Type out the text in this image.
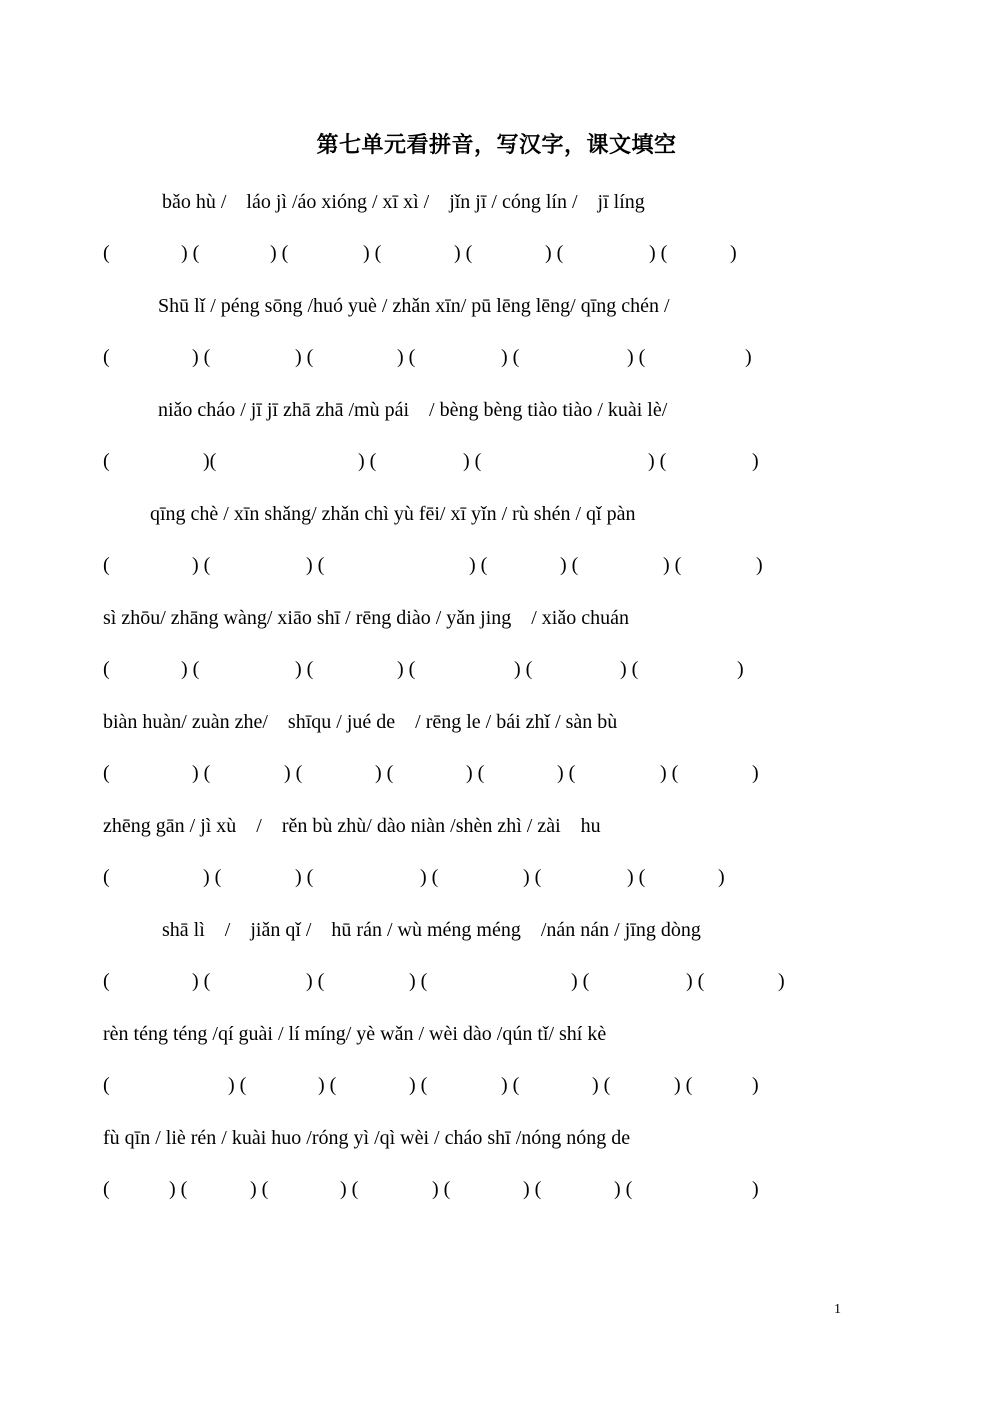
第七单元看拼音，写汉字，课文填空
bǎo hù /    láo jì /áo xióng / xī xì /    jǐn jī / cóng lín /    jī líng
(	) (	) (	) (	) (	) (	) (	)
Shū lǐ / péng sōng /huó yuè / zhǎn xīn/ pū lēng lēng/ qīng chén /
(	) (	) (	) (	) (	) (	)
niǎo cháo / jī jī zhā zhā /mù pái    / bèng bèng tiào tiào / kuài lè/
(	)(	) (	) (	) (	)
qīng chè / xīn shǎng/ zhǎn chì yù fēi/ xī yǐn / rù shén / qǐ pàn
(	) (	) (	) (	) (	) (	)
sì zhōu/ zhāng wàng/ xiāo shī / rēng diào / yǎn jing    / xiǎo chuán
(	) (	) (	) (	) (	) (	)
biàn huàn/ zuàn zhe/    shīqu / jué de    / rēng le / bái zhǐ / sàn bù
(	) (	) (	) (	) (	) (	) (	)
zhēng gān / jì xù    /    rěn bù zhù/ dào niàn /shèn zhì / zài    hu
(	) (	) (	) (	) (	) (	)
shā lì    /    jiǎn qǐ /    hū rán / wù méng méng    /nán nán / jīng dòng
(	) (	) (	) (	) (	) (	)
rèn téng téng /qí guài / lí míng/ yè wǎn / wèi dào /qún tǐ/ shí kè
(	) (	) (	) (	) (	) (	) (	)
fù qīn / liè rén / kuài huo /róng yì /qì wèi / cháo shī /nóng nóng de
(	) (	) (	) (	) (	) (	) (	)
1
